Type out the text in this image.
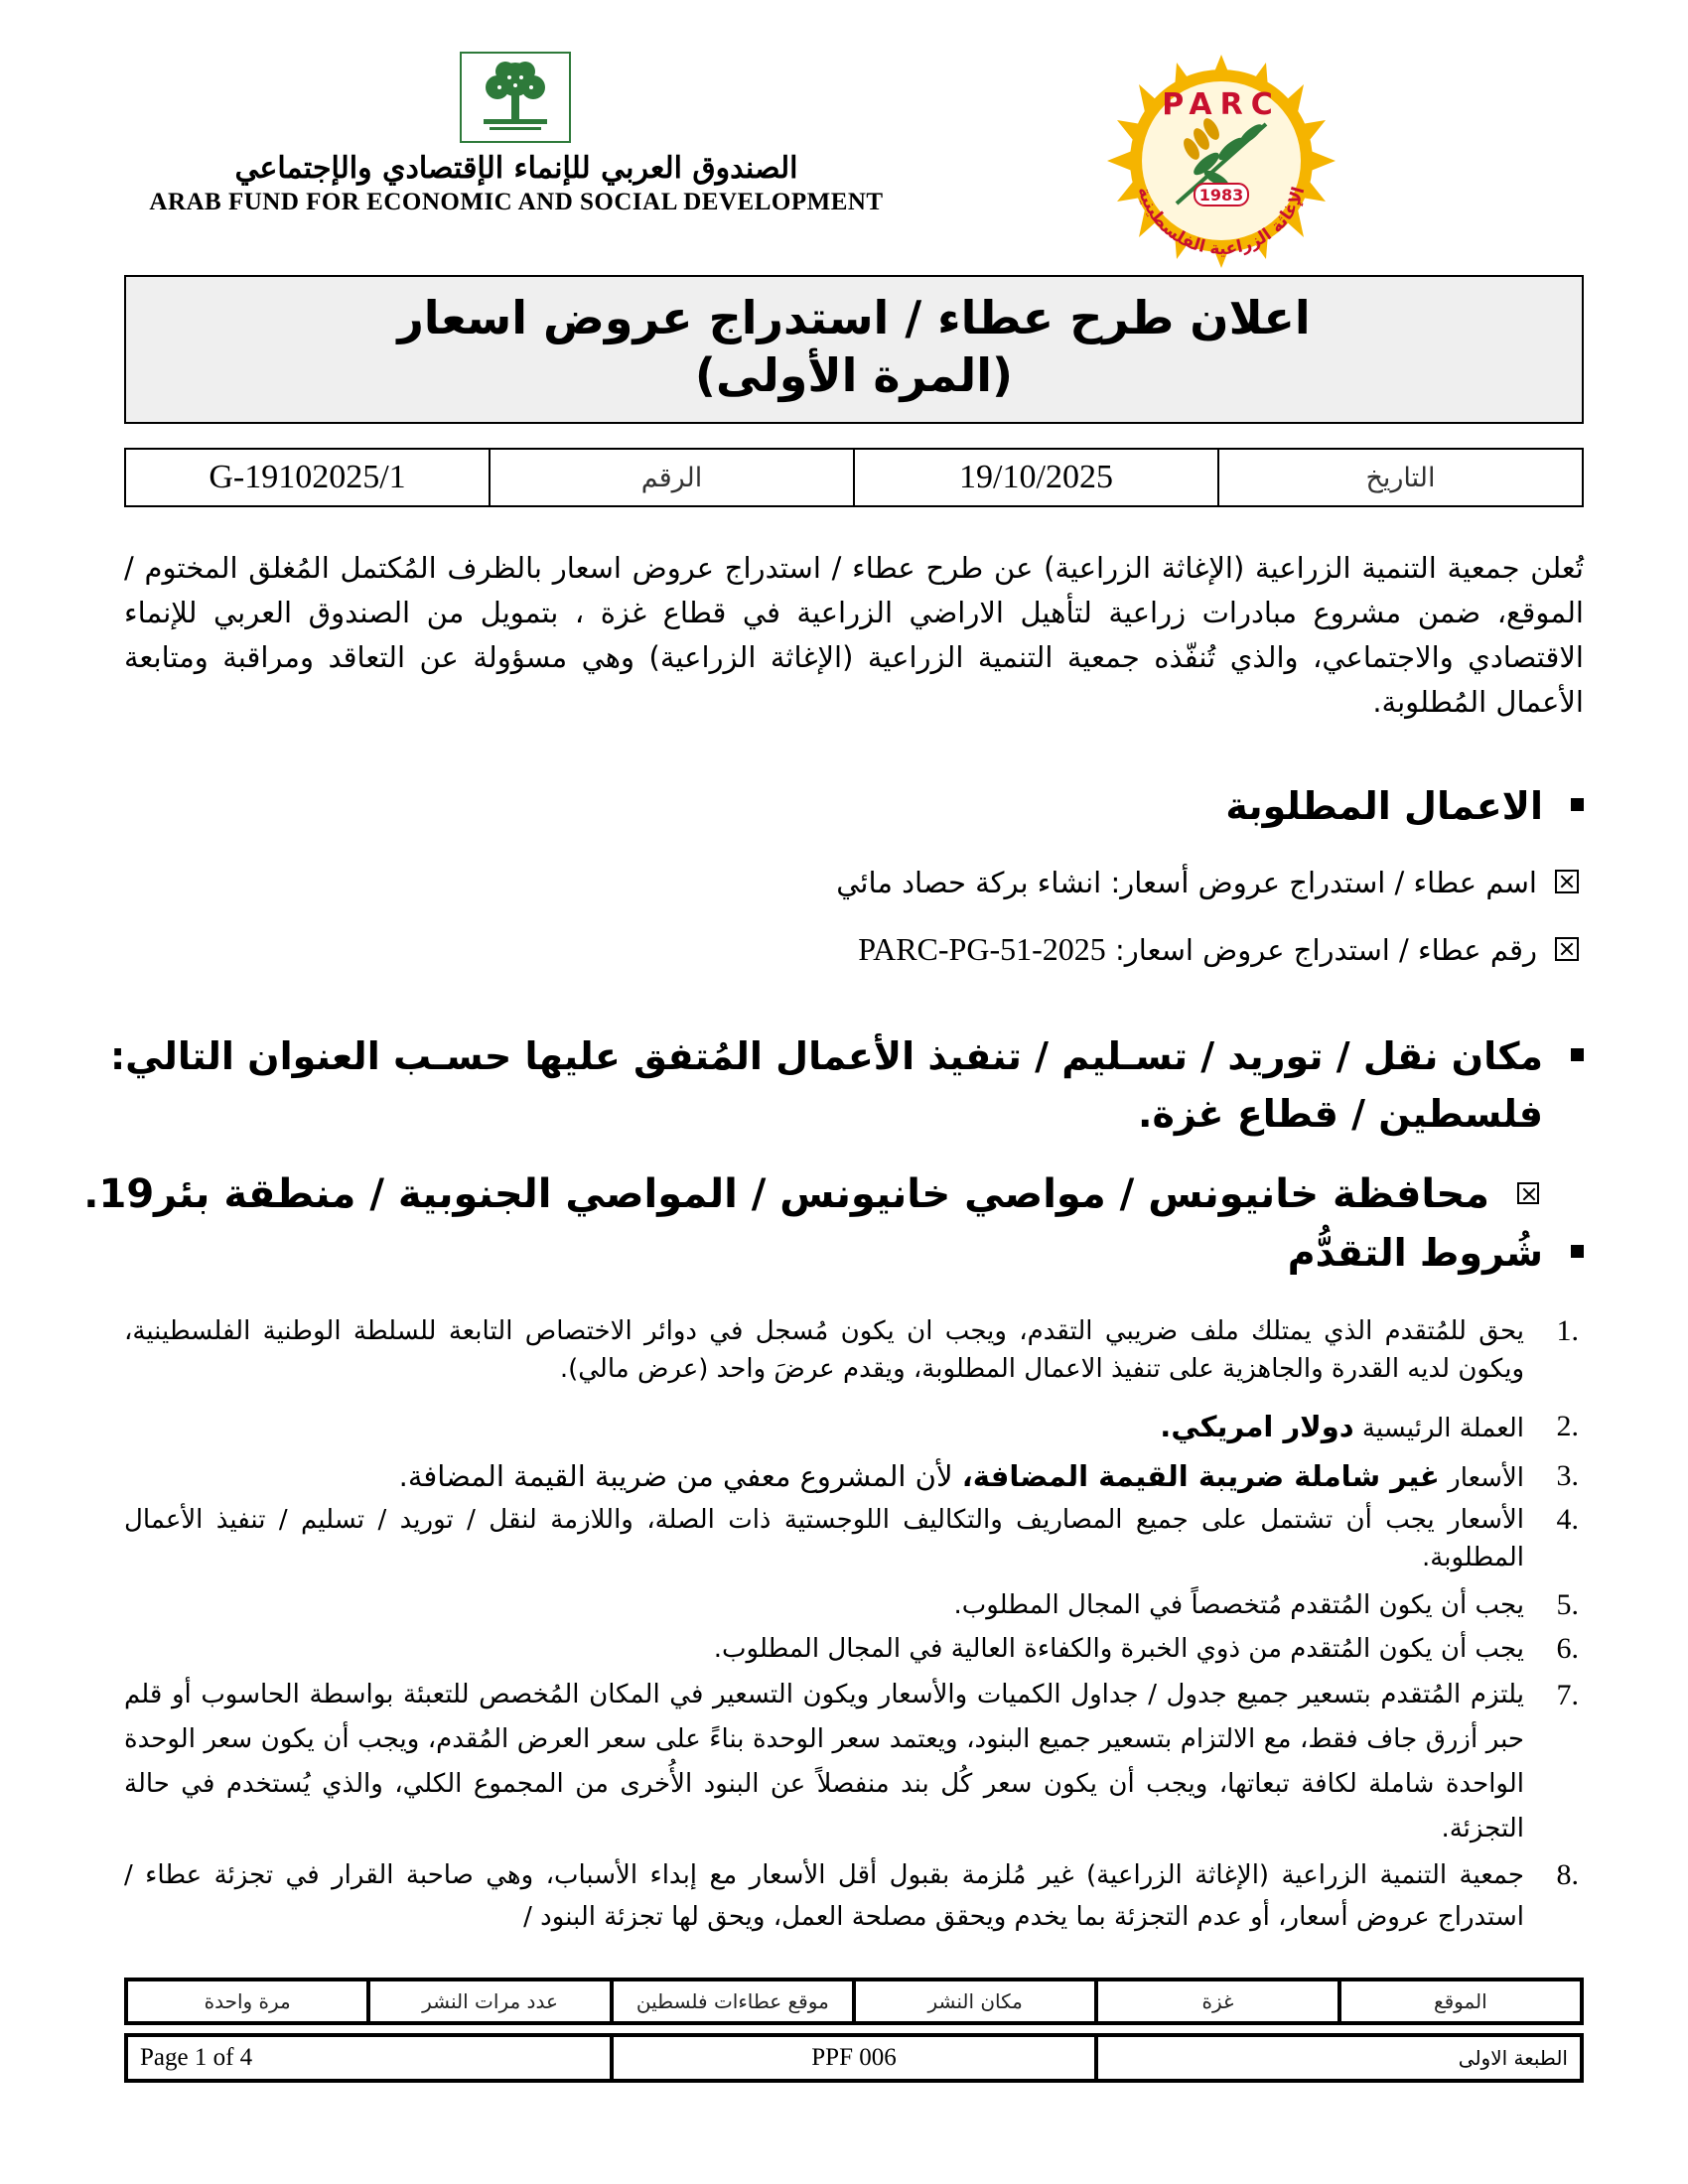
الصندوق العربي للإنماء الإقتصادي والإجتماعي
ARAB FUND FOR ECONOMIC AND SOCIAL DEVELOPMENT
PARC
1983
الإغاثة الزراعية الفلسطينية
اعلان طرح عطاء / استدراج عروض اسعار
(المرة الأولى)
التاريخ	19/10/2025	الرقم	G-19102025/1
تُعلن جمعية التنمية الزراعية (الإغاثة الزراعية) عن طرح عطاء / استدراج عروض اسعار بالظرف المُكتمل المُغلق المختوم / الموقع، ضمن مشروع مبادرات زراعية لتأهيل الاراضي الزراعية في قطاع غزة ، بتمويل من الصندوق العربي للإنماء الاقتصادي والاجتماعي، والذي تُنفّذه جمعية التنمية الزراعية (الإغاثة الزراعية) وهي مسؤولة عن التعاقد ومراقبة ومتابعة الأعمال المُطلوبة.
الاعمال المطلوبة
اسم عطاء / استدراج عروض أسعار: انشاء بركة حصاد مائي
رقم عطاء / استدراج عروض اسعار: PARC-PG-51-2025
مكان نقل / توريد / تسـليم / تنفيذ الأعمال المُتفق عليها حسـب العنوان التالي:
فلسطين / قطاع غزة.
محافظة خانيونس / مواصي خانيونس / المواصي الجنوبية / منطقة بئر19.
شُروط التقدُّم
1.
يحق للمُتقدم الذي يمتلك ملف ضريبي التقدم، ويجب ان يكون مُسجل في دوائر الاختصاص التابعة للسلطة الوطنية الفلسطينية، ويكون لديه القدرة والجاهزية على تنفيذ الاعمال المطلوبة، ويقدم عرضَ واحد (عرض مالي).
2.
العملة الرئيسية دولار امريكي.
3.
الأسعار غير شاملة ضريبة القيمة المضافة، لأن المشروع معفي من ضريبة القيمة المضافة.
4.
الأسعار يجب أن تشتمل على جميع المصاريف والتكاليف اللوجستية ذات الصلة، واللازمة لنقل / توريد / تسليم / تنفيذ الأعمال المطلوبة.
5.
يجب أن يكون المُتقدم مُتخصصاً في المجال المطلوب.
6.
يجب أن يكون المُتقدم من ذوي الخبرة والكفاءة العالية في المجال المطلوب.
7.
يلتزم المُتقدم بتسعير جميع جدول / جداول الكميات والأسعار ويكون التسعير في المكان المُخصص للتعبئة بواسطة الحاسوب أو قلم حبر أزرق جاف فقط، مع الالتزام بتسعير جميع البنود، ويعتمد سعر الوحدة بناءً على سعر العرض المُقدم، ويجب أن يكون سعر الوحدة الواحدة شاملة لكافة تبعاتها، ويجب أن يكون سعر كُل بند منفصلاً عن البنود الأُخرى من المجموع الكلي، والذي يُستخدم في حالة التجزئة.
8.
جمعية التنمية الزراعية (الإغاثة الزراعية) غير مُلزمة بقبول أقل الأسعار مع إبداء الأسباب، وهي صاحبة القرار في تجزئة عطاء / استدراج عروض أسعار، أو عدم التجزئة بما يخدم ويحقق مصلحة العمل، ويحق لها تجزئة البنود /
الموقع	غزة	مكان النشر	موقع عطاءات فلسطين	عدد مرات النشر	مرة واحدة
الطبعة الاولى	PPF 006	Page 1 of 4
